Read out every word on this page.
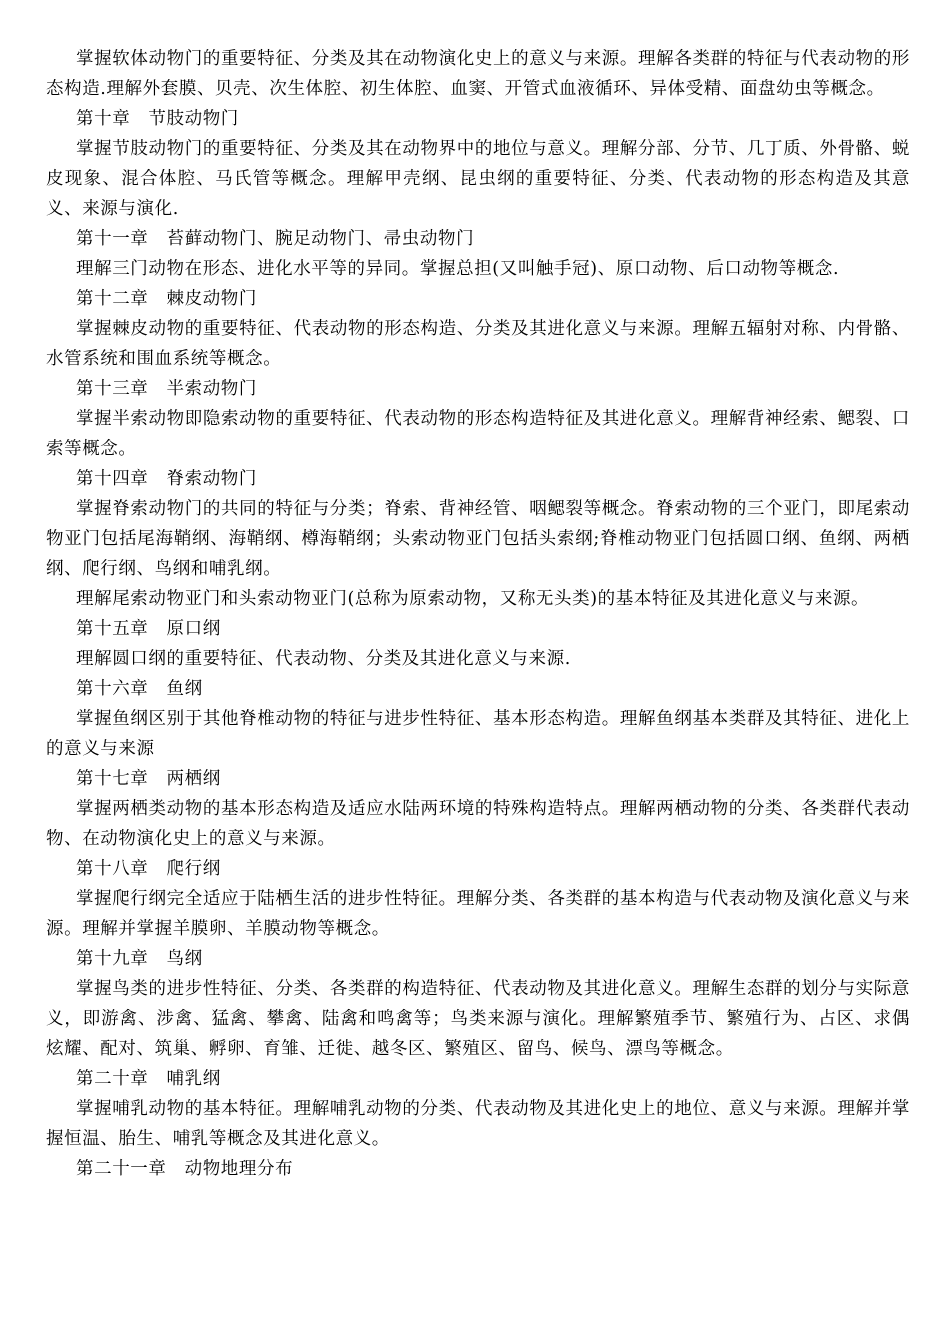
掌握软体动物门的重要特征、分类及其在动物演化史上的意义与来源。理解各类群的特征与代表动物的形态构造.理解外套膜、贝壳、次生体腔、初生体腔、血窦、开管式血液循环、异体受精、面盘幼虫等概念。

第十章　节肢动物门

掌握节肢动物门的重要特征、分类及其在动物界中的地位与意义。理解分部、分节、几丁质、外骨骼、蜕皮现象、混合体腔、马氏管等概念。理解甲壳纲、昆虫纲的重要特征、分类、代表动物的形态构造及其意义、来源与演化.

第十一章　苔藓动物门、腕足动物门、帚虫动物门

理解三门动物在形态、进化水平等的异同。掌握总担(又叫触手冠)、原口动物、后口动物等概念.

第十二章　棘皮动物门

掌握棘皮动物的重要特征、代表动物的形态构造、分类及其进化意义与来源。理解五辐射对称、内骨骼、水管系统和围血系统等概念。

第十三章　半索动物门

掌握半索动物即隐索动物的重要特征、代表动物的形态构造特征及其进化意义。理解背神经索、鳃裂、口索等概念。

第十四章　脊索动物门

掌握脊索动物门的共同的特征与分类；脊索、背神经管、咽鳃裂等概念。脊索动物的三个亚门，即尾索动物亚门包括尾海鞘纲、海鞘纲、樽海鞘纲；头索动物亚门包括头索纲;脊椎动物亚门包括圆口纲、鱼纲、两栖纲、爬行纲、鸟纲和哺乳纲。

理解尾索动物亚门和头索动物亚门(总称为原索动物，又称无头类)的基本特征及其进化意义与来源。

第十五章　原口纲

理解圆口纲的重要特征、代表动物、分类及其进化意义与来源.

第十六章　鱼纲

掌握鱼纲区别于其他脊椎动物的特征与进步性特征、基本形态构造。理解鱼纲基本类群及其特征、进化上的意义与来源

第十七章　两栖纲

掌握两栖类动物的基本形态构造及适应水陆两环境的特殊构造特点。理解两栖动物的分类、各类群代表动物、在动物演化史上的意义与来源。

第十八章　爬行纲

掌握爬行纲完全适应于陆栖生活的进步性特征。理解分类、各类群的基本构造与代表动物及演化意义与来源。理解并掌握羊膜卵、羊膜动物等概念。

第十九章　鸟纲

掌握鸟类的进步性特征、分类、各类群的构造特征、代表动物及其进化意义。理解生态群的划分与实际意义，即游禽、涉禽、猛禽、攀禽、陆禽和鸣禽等；鸟类来源与演化。理解繁殖季节、繁殖行为、占区、求偶炫耀、配对、筑巢、孵卵、育雏、迁徙、越冬区、繁殖区、留鸟、候鸟、漂鸟等概念。

第二十章　哺乳纲

掌握哺乳动物的基本特征。理解哺乳动物的分类、代表动物及其进化史上的地位、意义与来源。理解并掌握恒温、胎生、哺乳等概念及其进化意义。

第二十一章　动物地理分布
